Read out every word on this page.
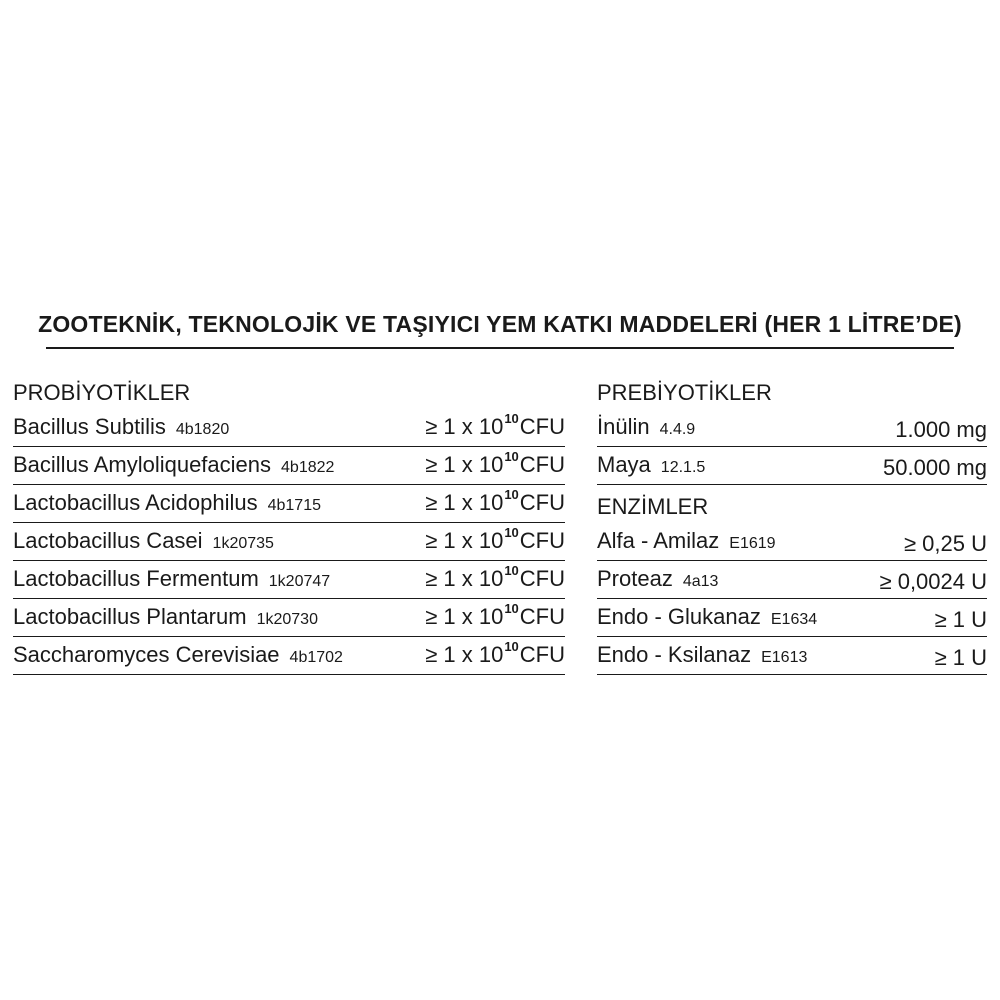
ZOOTEKNİK, TEKNOLOJİK VE TAŞIYICI YEM KATKI MADDELERİ (HER 1 LİTRE’DE)
PROBİYOTİKLER
Bacillus Subtilis 4b1820	≥ 1 x $10^{10}CFU$
Bacillus Amyloliquefaciens 4b1822	≥ 1 x $10^{10}CFU$
Lactobacillus Acidophilus 4b1715	≥ 1 x $10^{10}CFU$
Lactobacillus Casei 1k20735	≥ 1 x $10^{10}CFU$
Lactobacillus Fermentum 1k20747	≥ 1 x $10^{10}CFU$
Lactobacillus Plantarum 1k20730	≥ 1 x $10^{10}CFU$
Saccharomyces Cerevisiae 4b1702	≥ 1 x $10^{10}CFU$
PREBİYOTİKLER
İnülin 4.4.9	1.000 mg
Maya 12.1.5	50.000 mg
ENZİMLER
Alfa - Amilaz E1619	≥ 0,25 U
Proteaz 4a13	≥ 0,0024 U
Endo - Glukanaz E1634	≥ 1 U
Endo - Ksilanaz E1613	≥ 1 U
